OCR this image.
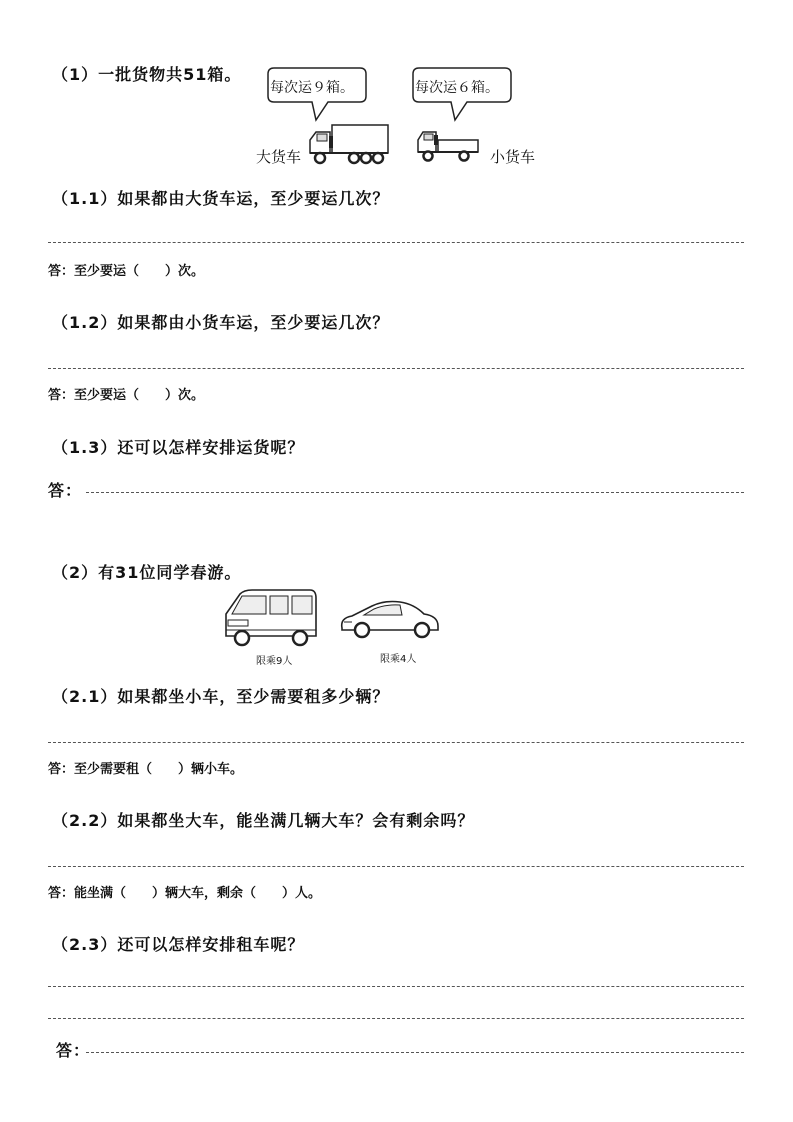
（1）一批货物共51箱。
每次运９箱。	每次运６箱。
大货车	小货车
（1.1）如果都由大货车运，至少要运几次？
答：至少要运（　　）次。
（1.2）如果都由小货车运，至少要运几次？
答：至少要运（　　）次。
（1.3）还可以怎样安排运货呢？
答：
（2）有31位同学春游。
限乘9人	限乘4人
（2.1）如果都坐小车，至少需要租多少辆？
答：至少需要租（　　）辆小车。
（2.2）如果都坐大车，能坐满几辆大车？会有剩余吗？
答：能坐满（　　）辆大车，剩余（　　）人。
（2.3）还可以怎样安排租车呢？
答：
